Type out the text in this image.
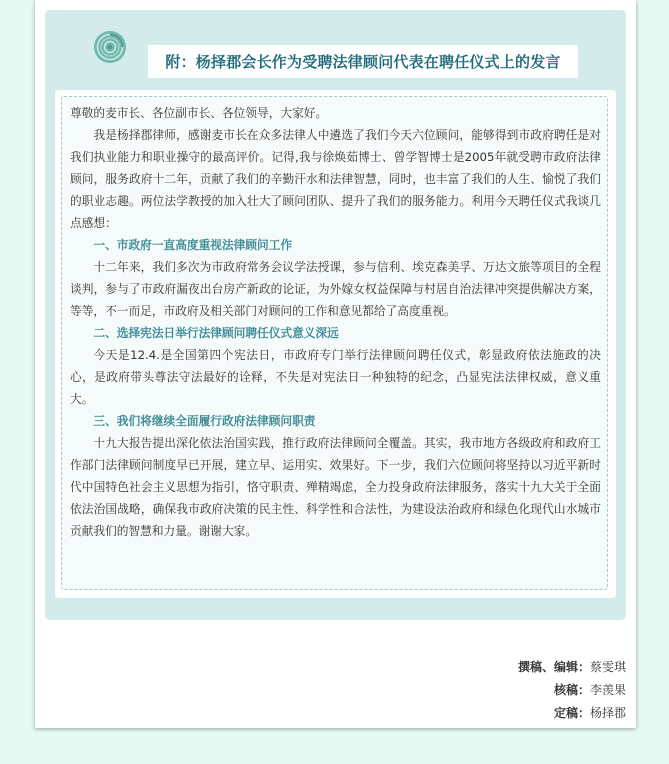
附：杨择郡会长作为受聘法律顾问代表在聘任仪式上的发言

尊敬的麦市长、各位副市长、各位领导，大家好。

我是杨择郡律师，感谢麦市长在众多法律人中遴选了我们今天六位顾问，能够得到市政府聘任是对我们执业能力和职业操守的最高评价。记得,我与徐焕茹博士、曾学智博士是2005年就受聘市政府法律顾问，服务政府十二年，贡献了我们的辛勤汗水和法律智慧，同时，也丰富了我们的人生、愉悦了我们的职业志趣。两位法学教授的加入壮大了顾问团队、提升了我们的服务能力。利用今天聘任仪式我谈几点感想：

一、市政府一直高度重视法律顾问工作

十二年来，我们多次为市政府常务会议学法授课，参与信利、埃克森美孚、万达文旅等项目的全程谈判，参与了市政府漏夜出台房产新政的论证，为外嫁女权益保障与村居自治法律冲突提供解决方案，等等，不一而足，市政府及相关部门对顾问的工作和意见都给了高度重视。

二、选择宪法日举行法律顾问聘任仪式意义深远

今天是12.4.是全国第四个宪法日，市政府专门举行法律顾问聘任仪式，彰显政府依法施政的决心，是政府带头尊法守法最好的诠释，不失是对宪法日一种独特的纪念，凸显宪法法律权威，意义重大。

三、我们将继续全面履行政府法律顾问职责

十九大报告提出深化依法治国实践，推行政府法律顾问全覆盖。其实，我市地方各级政府和政府工作部门法律顾问制度早已开展，建立早、运用实、效果好。下一步，我们六位顾问将坚持以习近平新时代中国特色社会主义思想为指引，恪守职责、殚精竭虑，全力投身政府法律服务，落实十九大关于全面依法治国战略，确保我市政府决策的民主性、科学性和合法性，为建设法治政府和绿色化现代山水城市贡献我们的智慧和力量。谢谢大家。

撰稿、编辑：蔡雯琪
核稿：李羡果
定稿：杨择郡
